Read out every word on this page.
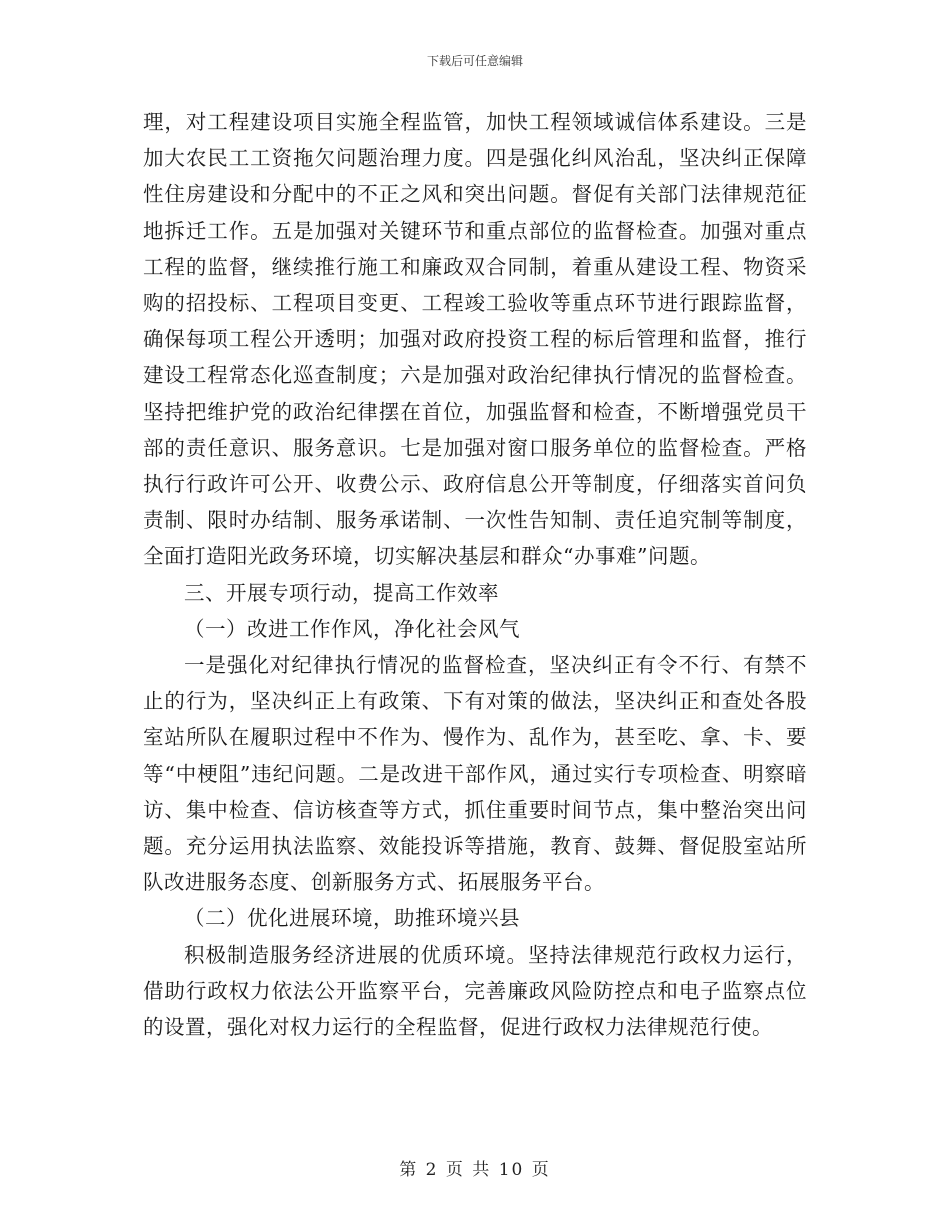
下载后可任意编辑

理，对工程建设项目实施全程监管，加快工程领域诚信体系建设。三是加大农民工工资拖欠问题治理力度。四是强化纠风治乱，坚决纠正保障性住房建设和分配中的不正之风和突出问题。督促有关部门法律规范征地拆迁工作。五是加强对关键环节和重点部位的监督检查。加强对重点工程的监督，继续推行施工和廉政双合同制，着重从建设工程、物资采购的招投标、工程项目变更、工程竣工验收等重点环节进行跟踪监督，确保每项工程公开透明；加强对政府投资工程的标后管理和监督，推行建设工程常态化巡查制度；六是加强对政治纪律执行情况的监督检查。坚持把维护党的政治纪律摆在首位，加强监督和检查，不断增强党员干部的责任意识、服务意识。七是加强对窗口服务单位的监督检查。严格执行行政许可公开、收费公示、政府信息公开等制度，仔细落实首问负责制、限时办结制、服务承诺制、一次性告知制、责任追究制等制度，全面打造阳光政务环境，切实解决基层和群众“办事难”问题。

三、开展专项行动，提高工作效率

（一）改进工作作风，净化社会风气

一是强化对纪律执行情况的监督检查，坚决纠正有令不行、有禁不止的行为，坚决纠正上有政策、下有对策的做法，坚决纠正和查处各股室站所队在履职过程中不作为、慢作为、乱作为，甚至吃、拿、卡、要等“中梗阻”违纪问题。二是改进干部作风，通过实行专项检查、明察暗访、集中检查、信访核查等方式，抓住重要时间节点，集中整治突出问题。充分运用执法监察、效能投诉等措施，教育、鼓舞、督促股室站所队改进服务态度、创新服务方式、拓展服务平台。

（二）优化进展环境，助推环境兴县

积极制造服务经济进展的优质环境。坚持法律规范行政权力运行，借助行政权力依法公开监察平台，完善廉政风险防控点和电子监察点位的设置，强化对权力运行的全程监督，促进行政权力法律规范行使。

第 2 页 共 10 页
